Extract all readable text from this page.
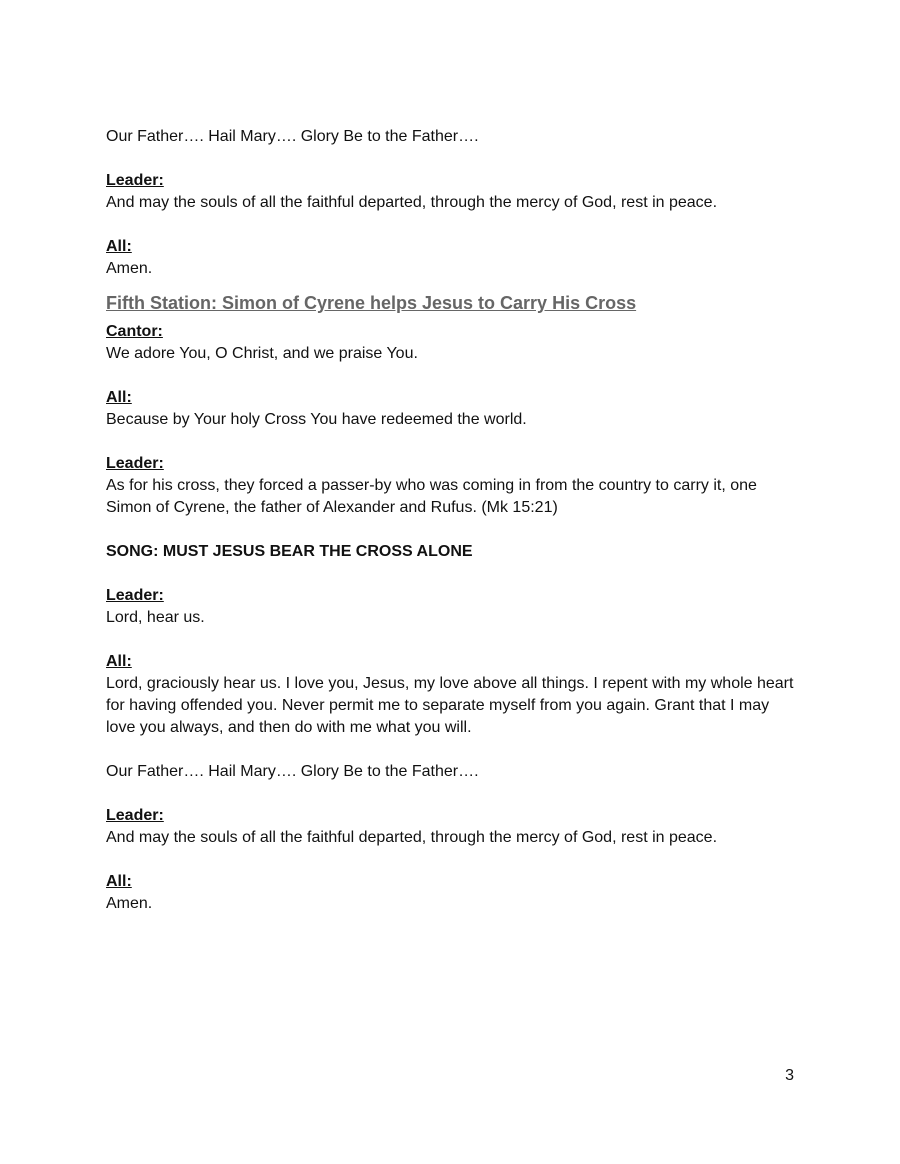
Our Father…. Hail Mary…. Glory Be to the Father….

Leader:

And may the souls of all the faithful departed, through the mercy of God, rest in peace.

All:

Amen.

Fifth Station: Simon of Cyrene helps Jesus to Carry His Cross

Cantor:

We adore You, O Christ, and we praise You.

All:

Because by Your holy Cross You have redeemed the world.

Leader:

As for his cross, they forced a passer-by who was coming in from the country to carry it, one Simon of Cyrene, the father of Alexander and Rufus. (Mk 15:21)

SONG: MUST JESUS BEAR THE CROSS ALONE

Leader:

Lord, hear us.

All:

Lord, graciously hear us. I love you, Jesus, my love above all things. I repent with my whole heart for having offended you. Never permit me to separate myself from you again. Grant that I may love you always, and then do with me what you will.

Our Father…. Hail Mary…. Glory Be to the Father….

Leader:

And may the souls of all the faithful departed, through the mercy of God, rest in peace.

All:

Amen.

3
